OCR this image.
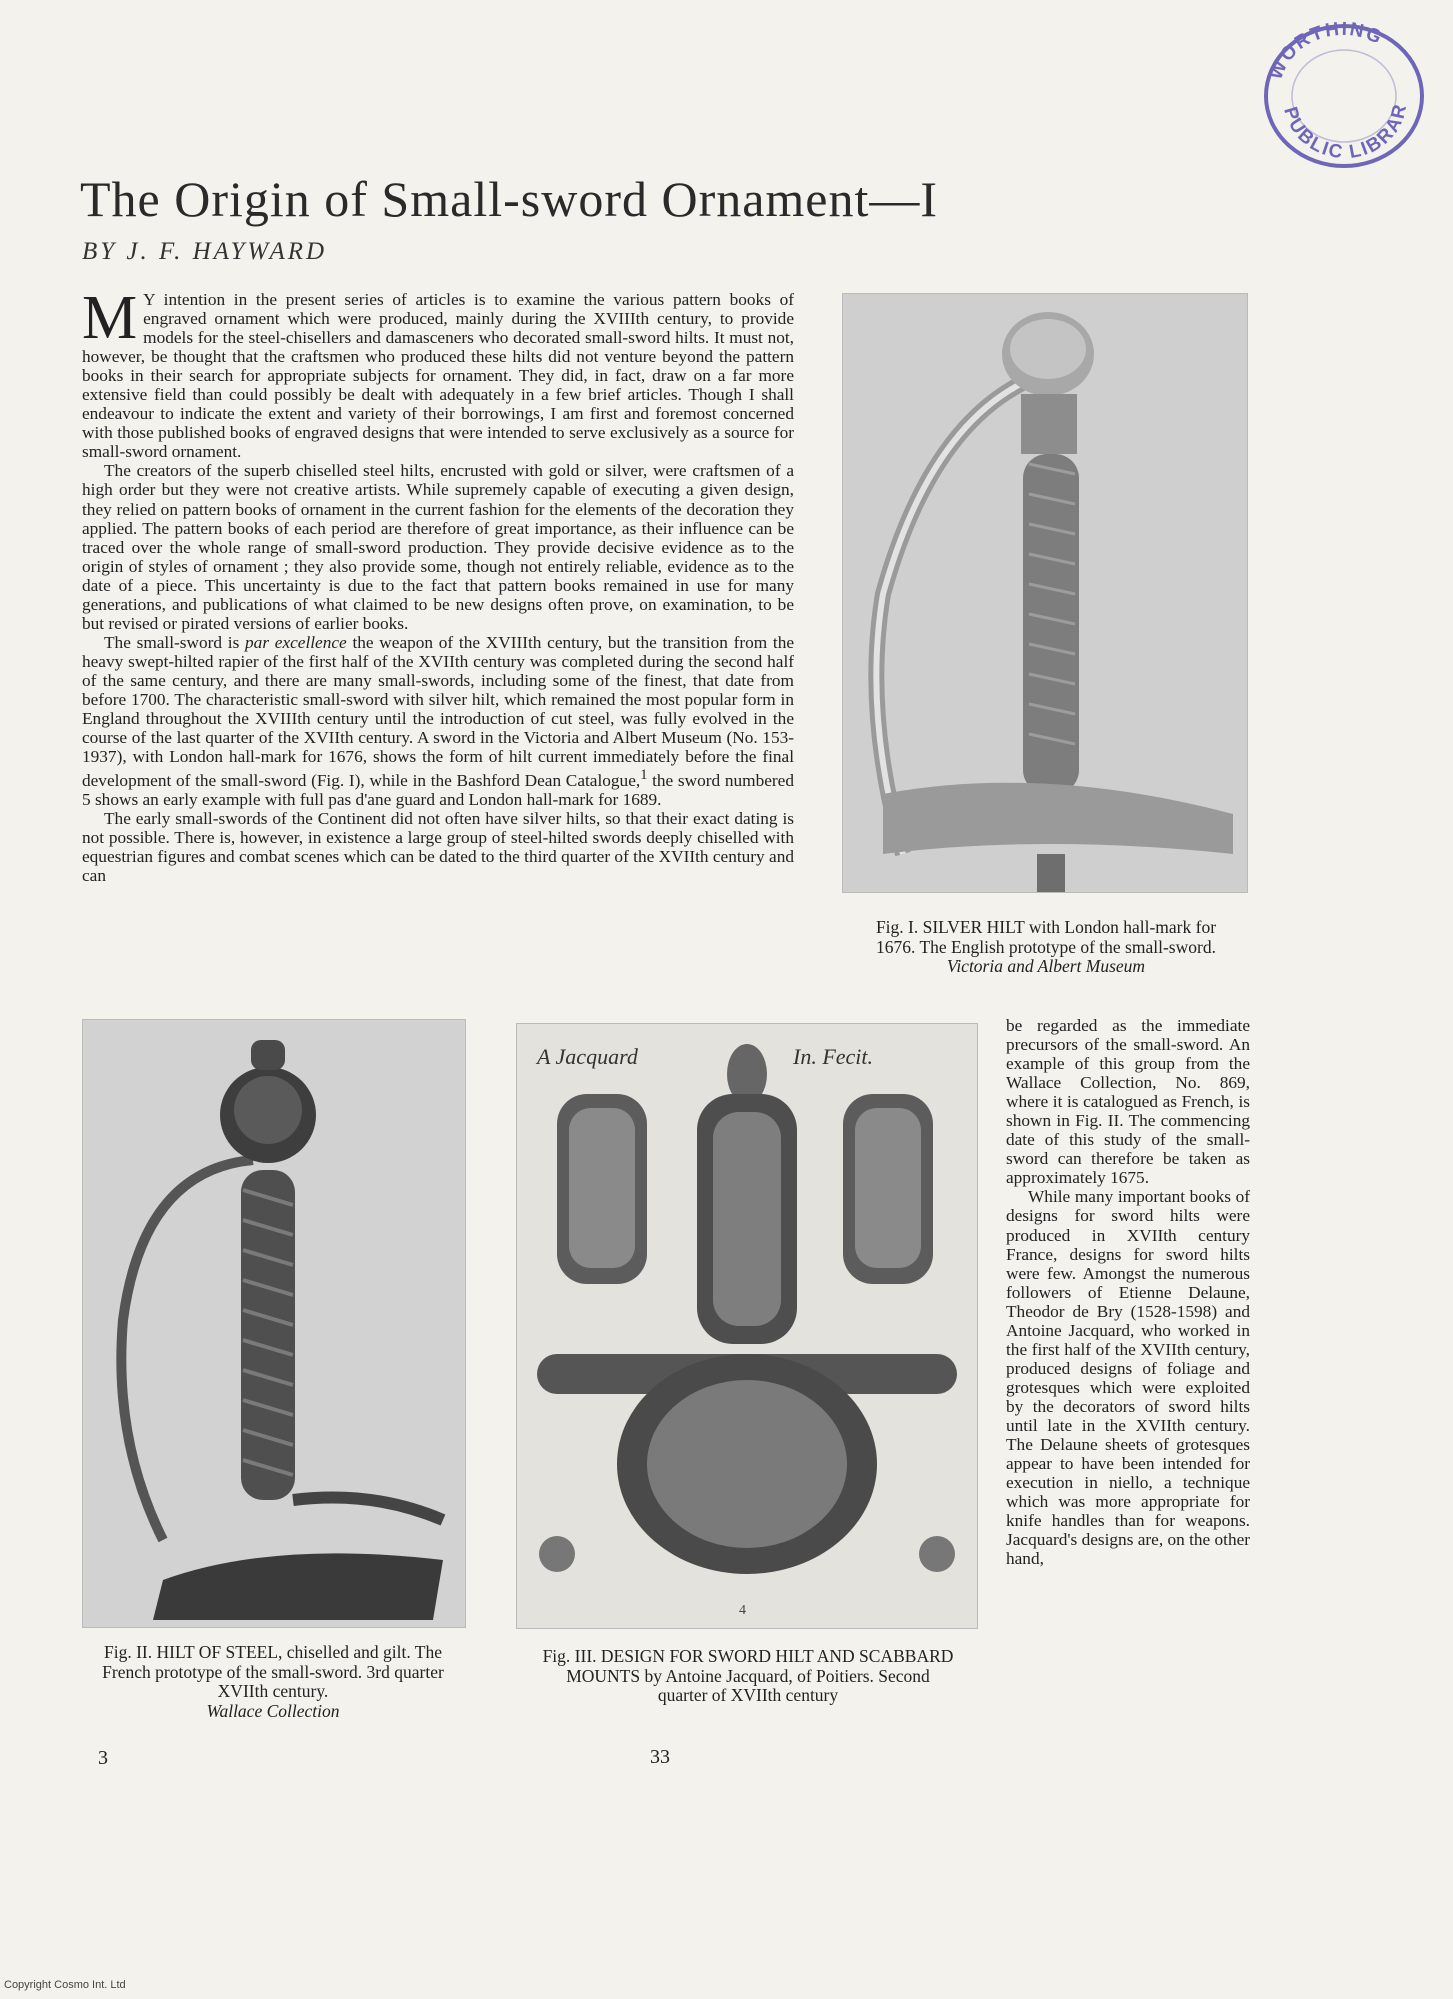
WORTHING
PUBLIC LIBRAR
The Origin of Small-sword Ornament—I
BY J. F. HAYWARD

M Y intention in the present series of articles is to examine the various pattern books of engraved ornament which were produced, mainly during the XVIIIth century, to provide models for the steel-chisellers and damasceners who decorated small-sword hilts. It must not, however, be thought that the craftsmen who produced these hilts did not venture beyond the pattern books in their search for appropriate subjects for ornament. They did, in fact, draw on a far more extensive field than could possibly be dealt with adequately in a few brief articles. Though I shall endeavour to indicate the extent and variety of their borrowings, I am first and foremost concerned with those published books of engraved designs that were intended to serve exclusively as a source for small-sword ornament.

The creators of the superb chiselled steel hilts, encrusted with gold or silver, were craftsmen of a high order but they were not creative artists. While supremely capable of executing a given design, they relied on pattern books of ornament in the current fashion for the elements of the decoration they applied. The pattern books of each period are therefore of great importance, as their influence can be traced over the whole range of small-sword production. They provide decisive evidence as to the origin of styles of ornament ; they also provide some, though not entirely reliable, evidence as to the date of a piece. This uncertainty is due to the fact that pattern books remained in use for many generations, and publications of what claimed to be new designs often prove, on examination, to be but revised or pirated versions of earlier books.

The small-sword is par excellence the weapon of the XVIIIth century, but the transition from the heavy swept-hilted rapier of the first half of the XVIIth century was completed during the second half of the same century, and there are many small-swords, including some of the finest, that date from before 1700. The characteristic small-sword with silver hilt, which remained the most popular form in England throughout the XVIIIth century until the introduction of cut steel, was fully evolved in the course of the last quarter of the XVIIth century. A sword in the Victoria and Albert Museum (No. 153-1937), with London hall-mark for 1676, shows the form of hilt current immediately before the final development of the small-sword (Fig. I), while in the Bashford Dean Catalogue,$^1$ the sword numbered 5 shows an early example with full pas d'ane guard and London hall-mark for 1689.

The early small-swords of the Continent did not often have silver hilts, so that their exact dating is not possible. There is, however, in existence a large group of steel-hilted swords deeply chiselled with equestrian figures and combat scenes which can be dated to the third quarter of the XVIIth century and can

Fig. I. SILVER HILT with London hall-mark for 1676. The English prototype of the small-sword. Victoria and Albert Museum
Fig. II. HILT OF STEEL, chiselled and gilt. The French prototype of the small-sword. 3rd quarter XVIIth century.
Wallace Collection
A Jacquard	In. Fecit.
4
Fig. III. DESIGN FOR SWORD HILT AND SCABBARD MOUNTS by Antoine Jacquard, of Poitiers. Second quarter of XVIIth century

be regarded as the immediate precursors of the small-sword. An example of this group from the Wallace Collection, No. 869, where it is catalogued as French, is shown in Fig. II. The commencing date of this study of the small-sword can therefore be taken as approximately 1675.

While many important books of designs for sword hilts were produced in XVIIth century France, designs for sword hilts were few. Amongst the numerous followers of Etienne Delaune, Theodor de Bry (1528-1598) and Antoine Jacquard, who worked in the first half of the XVIIth century, produced designs of foliage and grotesques which were exploited by the decorators of sword hilts until late in the XVIIth century. The Delaune sheets of grotesques appear to have been intended for execution in niello, a technique which was more appropriate for knife handles than for weapons. Jacquard's designs are, on the other hand,

3	33
Copyright Cosmo Int. Ltd
